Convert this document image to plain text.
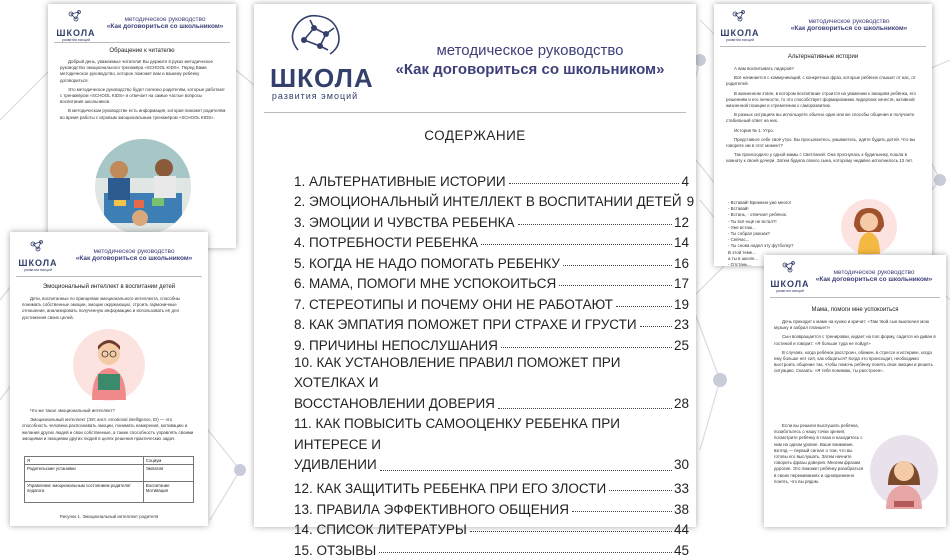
ШКОЛА
развития эмоций
методическое руководство
«Как договориться со школьником»
Обращение к читателю

Добрый день, уважаемые читатели! Вы держите в руках методическое руководство эмоционального тренажёра «SCHOOL KIDS». Перед Вами методическое руководство, которое поможет вам и вашему ребёнку договориться.

Это методическое руководство будет полезно родителям, которые работают с тренажёром «SCHOOL KIDS» и отвечает на самые частые вопросы воспитания школьников.

В методическом руководстве есть информация, которая поможет родителям во время работы с игровым эмоциональным тренажёром «SCHOOL KIDS».

ШКОЛА
развития эмоций
методическое руководство
«Как договориться со школьником»
Эмоциональный интеллект в воспитании детей

Дети, воспитанные по принципам эмоционального интеллекта, способны понимать собственные эмоции, эмоции окружающих, строить гармоничные отношения, анализировать полученную информацию и использовать её для достижения своих целей.

Что же такое эмоциональный интеллект?

Эмоциональный интеллект (ЭИ; англ. emotional intelligence, EI) — это способность человека распознавать эмоции, понимать намерения, мотивацию и желания других людей и свои собственные, а также способность управлять своими эмоциями и эмоциями других людей в целях решения практических задач.

Я	Социум
Родительские установки	Эмпатия
Управление эмоциональным состоянием родителя/педагога	Воспитание Мотивация
Рисунок 1. Эмоциональный интеллект родителя
ШКОЛА
развития эмоций
методическое руководство
«Как договориться со школьником»
СОДЕРЖАНИЕ
1. АЛЬТЕРНАТИВНЫЕ ИСТОРИИ	4
2. ЭМОЦИОНАЛЬНЫЙ ИНТЕЛЛЕКТ В ВОСПИТАНИИ ДЕТЕЙ 9
3. ЭМОЦИИ И ЧУВСТВА РЕБЕНКА	12
4. ПОТРЕБНОСТИ РЕБЕНКА	14
5. КОГДА НЕ НАДО ПОМОГАТЬ РЕБЕНКУ	16
6. МАМА, ПОМОГИ МНЕ УСПОКОИТЬСЯ	17
7. СТЕРЕОТИПЫ И ПОЧЕМУ ОНИ НЕ РАБОТАЮТ	19
8. КАК ЭМПАТИЯ ПОМОЖЕТ ПРИ СТРАХЕ И ГРУСТИ	23
9. ПРИЧИНЫ НЕПОСЛУШАНИЯ	25
10. КАК УСТАНОВЛЕНИЕ ПРАВИЛ ПОМОЖЕТ ПРИ ХОТЕЛКАХ И
ВОССТАНОВЛЕНИИ ДОВЕРИЯ	28
11. КАК ПОВЫСИТЬ САМООЦЕНКУ РЕБЕНКА ПРИ ИНТЕРЕСЕ И
УДИВЛЕНИИ	30
12. КАК ЗАЩИТИТЬ РЕБЕНКА ПРИ ЕГО ЗЛОСТИ	33
13. ПРАВИЛА ЭФФЕКТИВНОГО ОБЩЕНИЯ	38
14. СПИСОК ЛИТЕРАТУРЫ	44
15. ОТЗЫВЫ	45
ШКОЛА
развития эмоций
методическое руководство
«Как договориться со школьником»
Альтернативные истории

А вам воспитывать лидеров?

Всё начинается с коммуникаций, с конкретных фраз, которые ребёнок слышит от нас, от родителей.

В жизненном этапе, в котором воспитание строится на уважении к эмоциям ребёнка, его решениям и его личности, то это способствует формированию лидерских качеств, активной жизненной позиции и стремлению к саморазвитию.

В разных ситуациях вы используете обычно один или же способы общения и получаете стабильный ответ на них.

История № 1. Утро.

Представьте себе своё утро. Вы просыпаетесь, умываетесь, идёте будить детей. Что вы говорите им в этот момент?

Так происходило у одной мамы с Светланой. Она проснулась к будильнику, пошла в комнату к своей дочери. Затем будила своего сына, которому недавно исполнилось 13 лет.

- Вставай! Времени уже много!
- Вставай!
- Встань, - отвечает ребёнок.
- Ты всё ещё не встал?!
- Уже встаю...
- Ты собрал рюкзак?
- Сейчас...
- Ты снова надел эту футболку?
В этой теме...
а ты в школе...
- Отстань...
ШКОЛА
развития эмоций
методическое руководство
«Как договориться со школьником»
Мама, помоги мне успокоиться

Дочь приходит к маме на кухню и кричит: «Там твой сын выключил мою музыку и забрал планшет!»

Сын возвращается с тренировки, кидает на пол форму, садится на диван в гостиной и говорит: «Я больше туда не пойду!»

В случаях, когда ребёнок расстроен, обижен, в стрессе и истерике, когда ему больше нет сил, как общаться? Когда это происходит, необходимо выстроить общение так, чтобы помочь ребёнку понять свои эмоции и решить ситуацию. Сказать: «Я тебя понимаю, ты расстроен».

Если вы решили выслушать ребёнка, позаботьтесь о нашу точки зрения, посмотрите ребёнку в глаза и находитесь с ним на одном уровне. Ваше внимание, взгляд — первый сигнал о том, что вы готовы его выслушать. Затем начните говорить фразы доверия. Многим фразам дорогие. Это поможет ребёнку разобраться в своих переживаниях и одновременно понять, что вы рядом.
